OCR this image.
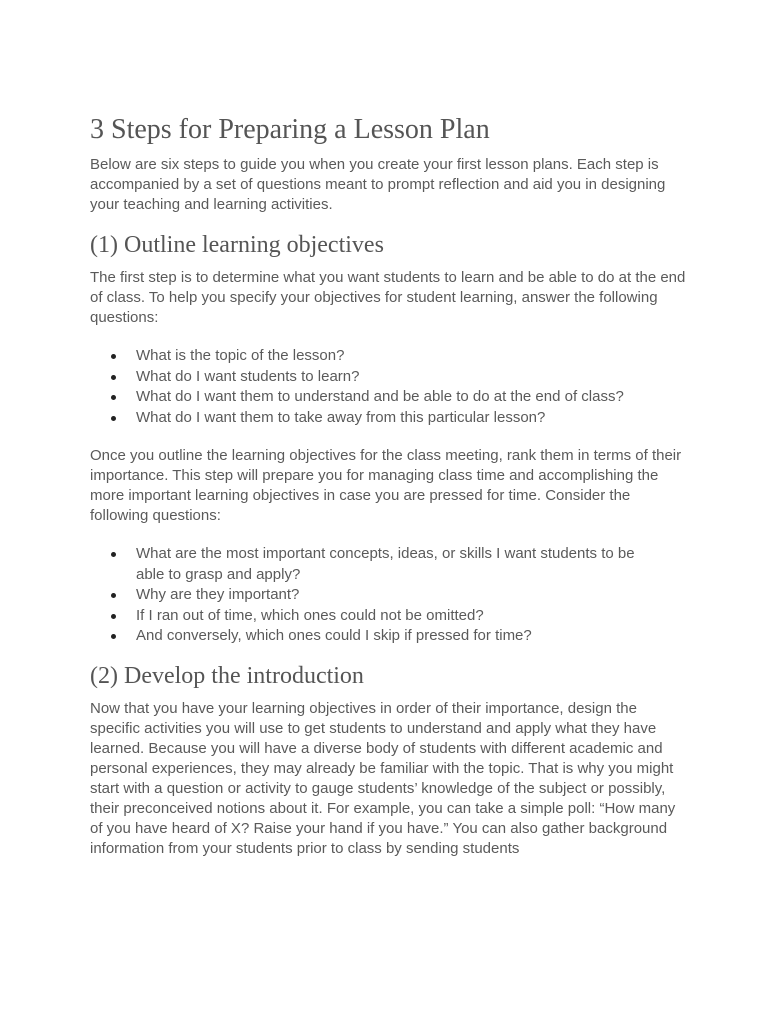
3 Steps for Preparing a Lesson Plan

Below are six steps to guide you when you create your first lesson plans. Each step is accompanied by a set of questions meant to prompt reflection and aid you in designing your teaching and learning activities.

(1) Outline learning objectives

The first step is to determine what you want students to learn and be able to do at the end of class. To help you specify your objectives for student learning, answer the following questions:

What is the topic of the lesson?
What do I want students to learn?
What do I want them to understand and be able to do at the end of class?
What do I want them to take away from this particular lesson?

Once you outline the learning objectives for the class meeting, rank them in terms of their importance. This step will prepare you for managing class time and accomplishing the more important learning objectives in case you are pressed for time. Consider the following questions:

What are the most important concepts, ideas, or skills I want students to be able to grasp and apply?
Why are they important?
If I ran out of time, which ones could not be omitted?
And conversely, which ones could I skip if pressed for time?
(2) Develop the introduction

Now that you have your learning objectives in order of their importance, design the specific activities you will use to get students to understand and apply what they have learned. Because you will have a diverse body of students with different academic and personal experiences, they may already be familiar with the topic. That is why you might start with a question or activity to gauge students’ knowledge of the subject or possibly, their preconceived notions about it. For example, you can take a simple poll: “How many of you have heard of X? Raise your hand if you have.” You can also gather background information from your students prior to class by sending students
